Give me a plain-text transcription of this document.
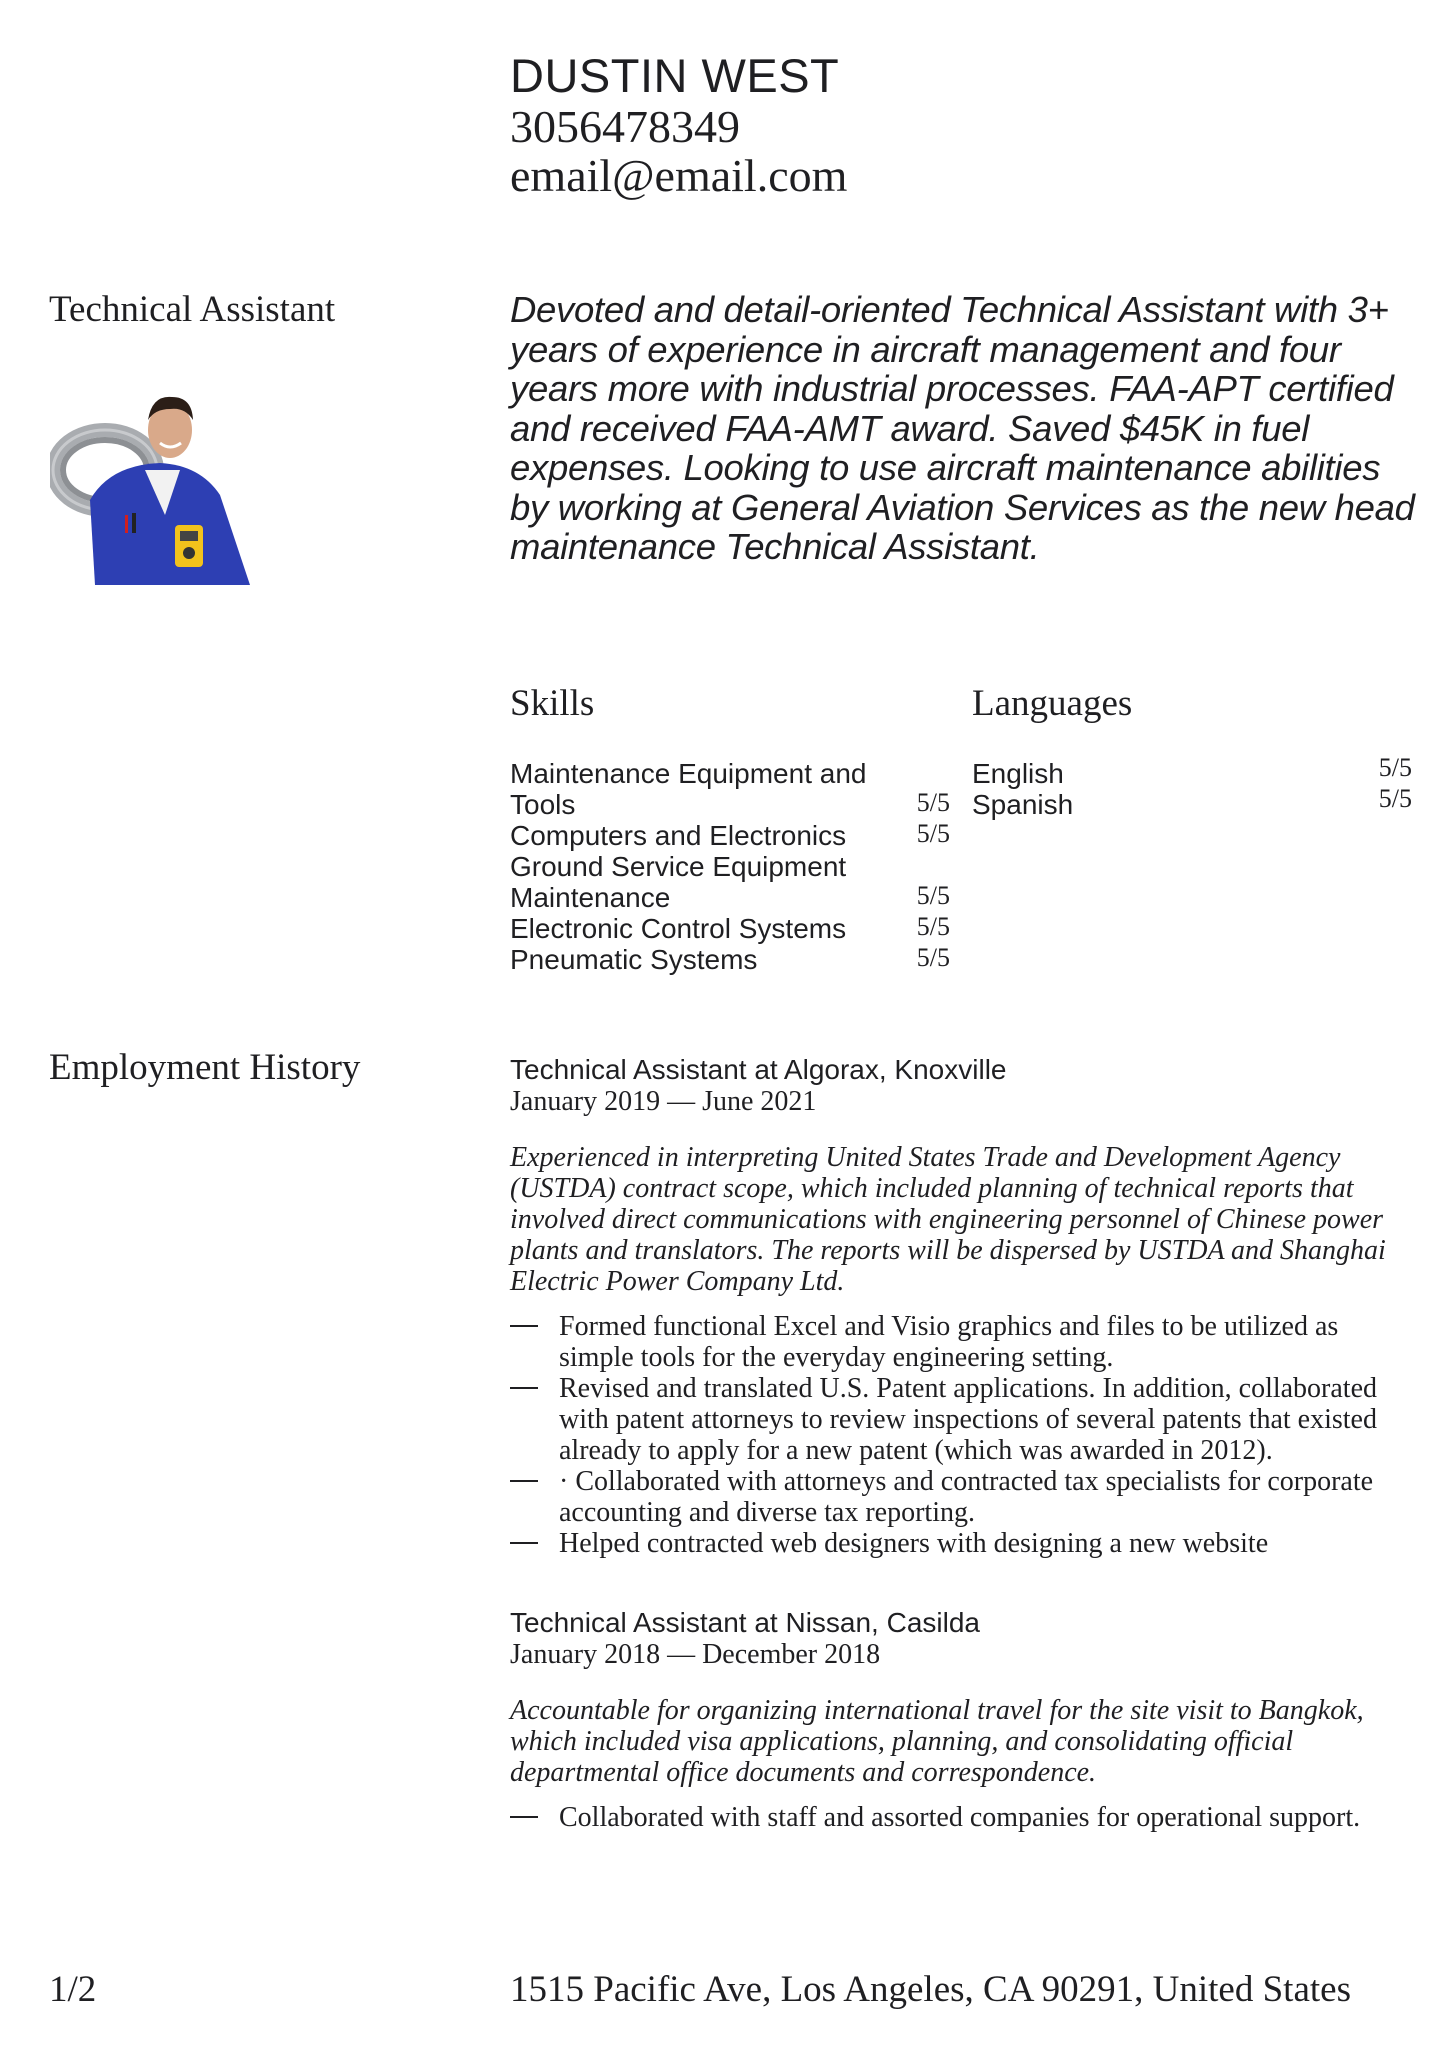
DUSTIN WEST
3056478349
email@email.com
Technical Assistant	Devoted and detail-oriented Technical Assistant with 3+ years of experience in aircraft management and four years more with industrial processes. FAA-APT certified and received FAA-AMT award. Saved $45K in fuel expenses. Looking to use aircraft maintenance abilities by working at General Aviation Services as the new head maintenance Technical Assistant.
Skills	Languages
Maintenance Equipment and Tools	5/5
Computers and Electronics	5/5
Ground Service Equipment Maintenance	5/5
Electronic Control Systems	5/5
Pneumatic Systems	5/5
English	5/5
Spanish	5/5
Employment History	Technical Assistant at Algorax, Knoxville
January 2019 — June 2021
Experienced in interpreting United States Trade and Development Agency (USTDA) contract scope, which included planning of technical reports that involved direct communications with engineering personnel of Chinese power plants and translators. The reports will be dispersed by USTDA and Shanghai Electric Power Company Ltd.
Formed functional Excel and Visio graphics and files to be utilized as simple tools for the everyday engineering setting.
Revised and translated U.S. Patent applications. In addition, collaborated with patent attorneys to review inspections of several patents that existed already to apply for a new patent (which was awarded in 2012).
· Collaborated with attorneys and contracted tax specialists for corporate accounting and diverse tax reporting.
Helped contracted web designers with designing a new website
Technical Assistant at Nissan, Casilda
January 2018 — December 2018
Accountable for organizing international travel for the site visit to Bangkok, which included visa applications, planning, and consolidating official departmental office documents and correspondence.
Collaborated with staff and assorted companies for operational support.
1/2	1515 Pacific Ave, Los Angeles, CA 90291, United States
